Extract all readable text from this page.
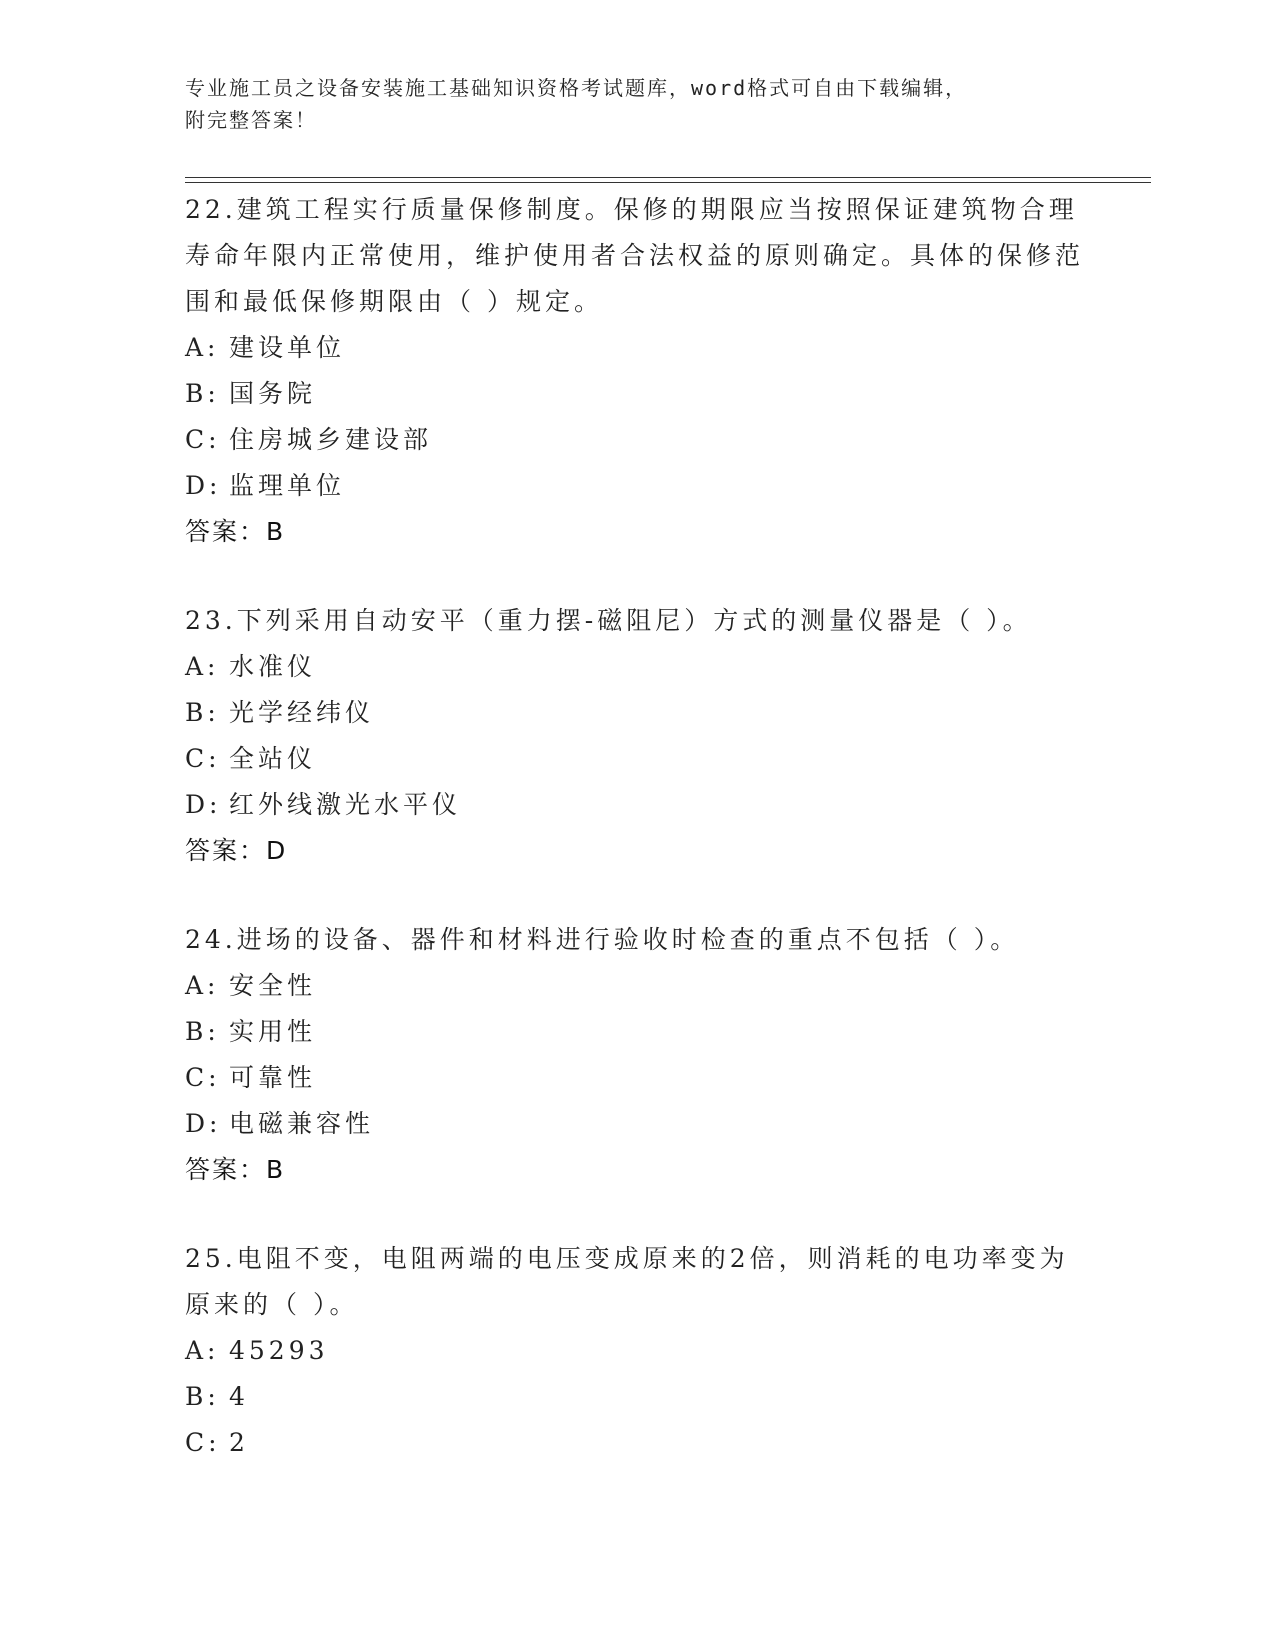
专业施工员之设备安装施工基础知识资格考试题库，word格式可自由下载编辑，
附完整答案！

22.建筑工程实行质量保修制度。保修的期限应当按照保证建筑物合理寿命年限内正常使用，维护使用者合法权益的原则确定。具体的保修范围和最低保修期限由（ ）规定。

A: 建设单位

B: 国务院

C: 住房城乡建设部

D: 监理单位

答案：B

23.下列采用自动安平（重力摆-磁阻尼）方式的测量仪器是（ ）。

A: 水准仪

B: 光学经纬仪

C: 全站仪

D: 红外线激光水平仪

答案：D

24.进场的设备、器件和材料进行验收时检查的重点不包括（ ）。

A: 安全性

B: 实用性

C: 可靠性

D: 电磁兼容性

答案：B

25.电阻不变，电阻两端的电压变成原来的2倍，则消耗的电功率变为原来的（ ）。

A: 45293

B: 4

C: 2
